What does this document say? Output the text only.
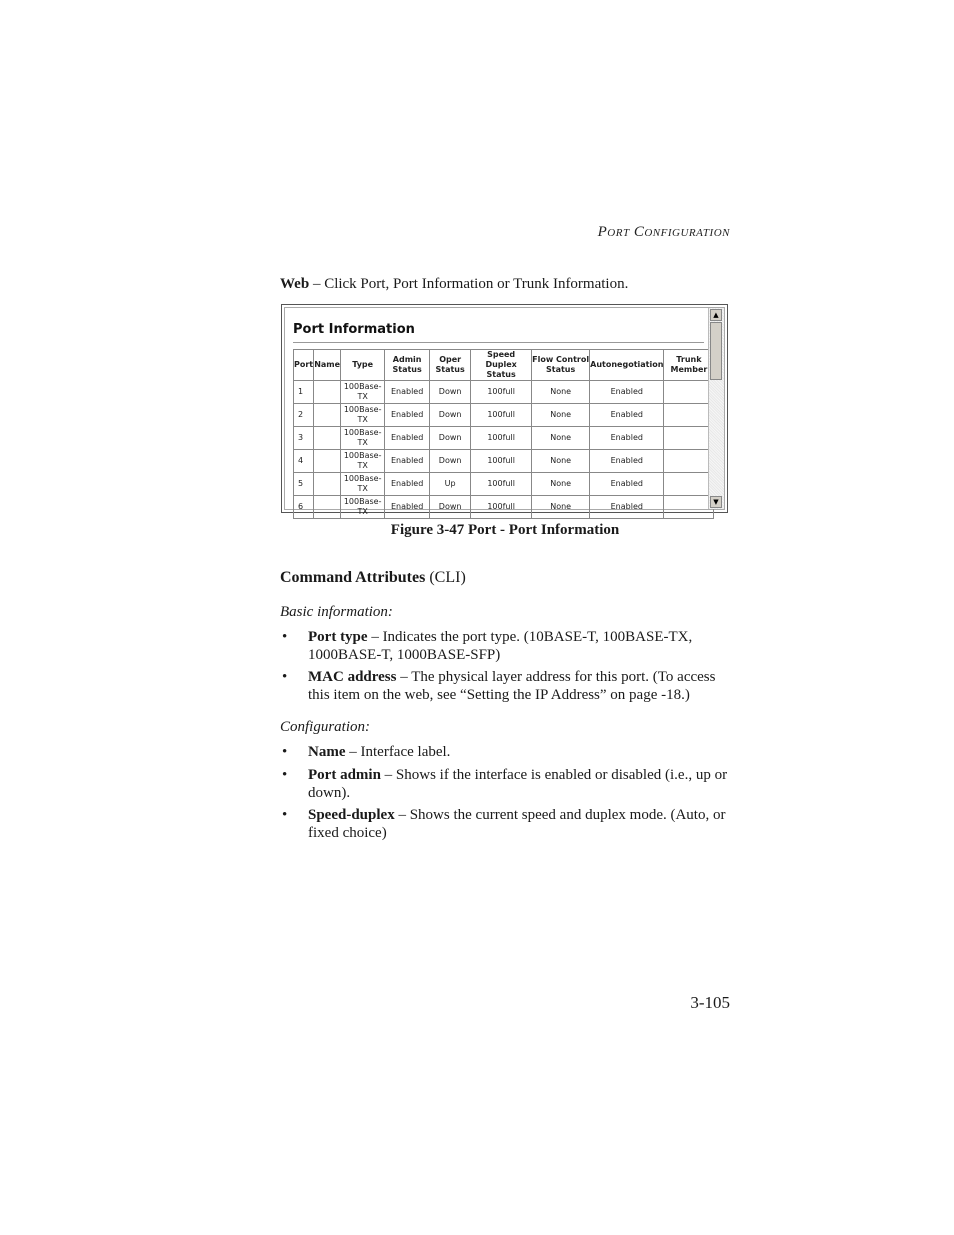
Port Configuration
Web – Click Port, Port Information or Trunk Information.
Port Information
Port	Name	Type	Admin Status	Oper Status	Speed Duplex Status	Flow Control Status	Autonegotiation	Trunk Member
1		100Base-TX	Enabled	Down	100full	None	Enabled	
2		100Base-TX	Enabled	Down	100full	None	Enabled	
3		100Base-TX	Enabled	Down	100full	None	Enabled	
4		100Base-TX	Enabled	Down	100full	None	Enabled	
5		100Base-TX	Enabled	Up	100full	None	Enabled	
6		100Base-TX	Enabled	Down	100full	None	Enabled	
▲
▼
Figure 3-47 Port - Port Information
Command Attributes (CLI)
Basic information:
• Port type – Indicates the port type. (10BASE-T, 100BASE-TX, 1000BASE-T, 1000BASE-SFP)
• MAC address – The physical layer address for this port. (To access this item on the web, see “Setting the IP Address” on page -18.)
Configuration:
• Name – Interface label.
• Port admin – Shows if the interface is enabled or disabled (i.e., up or down).
• Speed-duplex – Shows the current speed and duplex mode. (Auto, or fixed choice)
3-105
